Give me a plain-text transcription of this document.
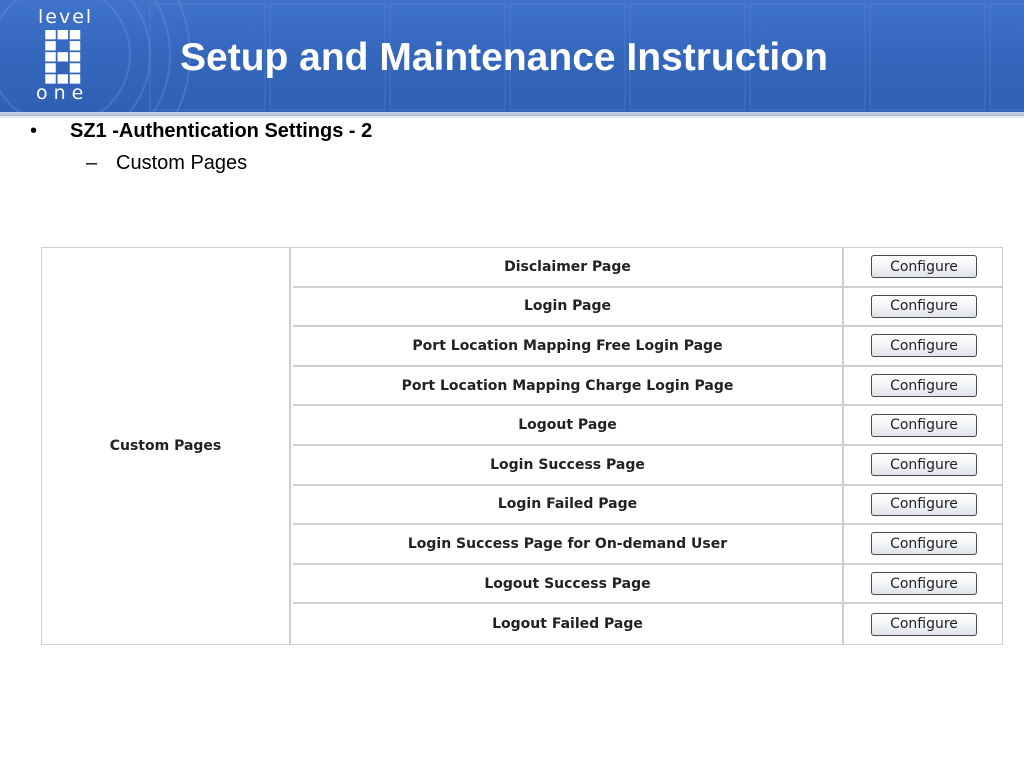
level
one
Setup and Maintenance Instruction
• SZ1 -Authentication Settings - 2
– Custom Pages
Custom Pages
Disclaimer Page	Configure
Login Page	Configure
Port Location Mapping Free Login Page	Configure
Port Location Mapping Charge Login Page	Configure
Logout Page	Configure
Login Success Page	Configure
Login Failed Page	Configure
Login Success Page for On-demand User	Configure
Logout Success Page	Configure
Logout Failed Page	Configure
